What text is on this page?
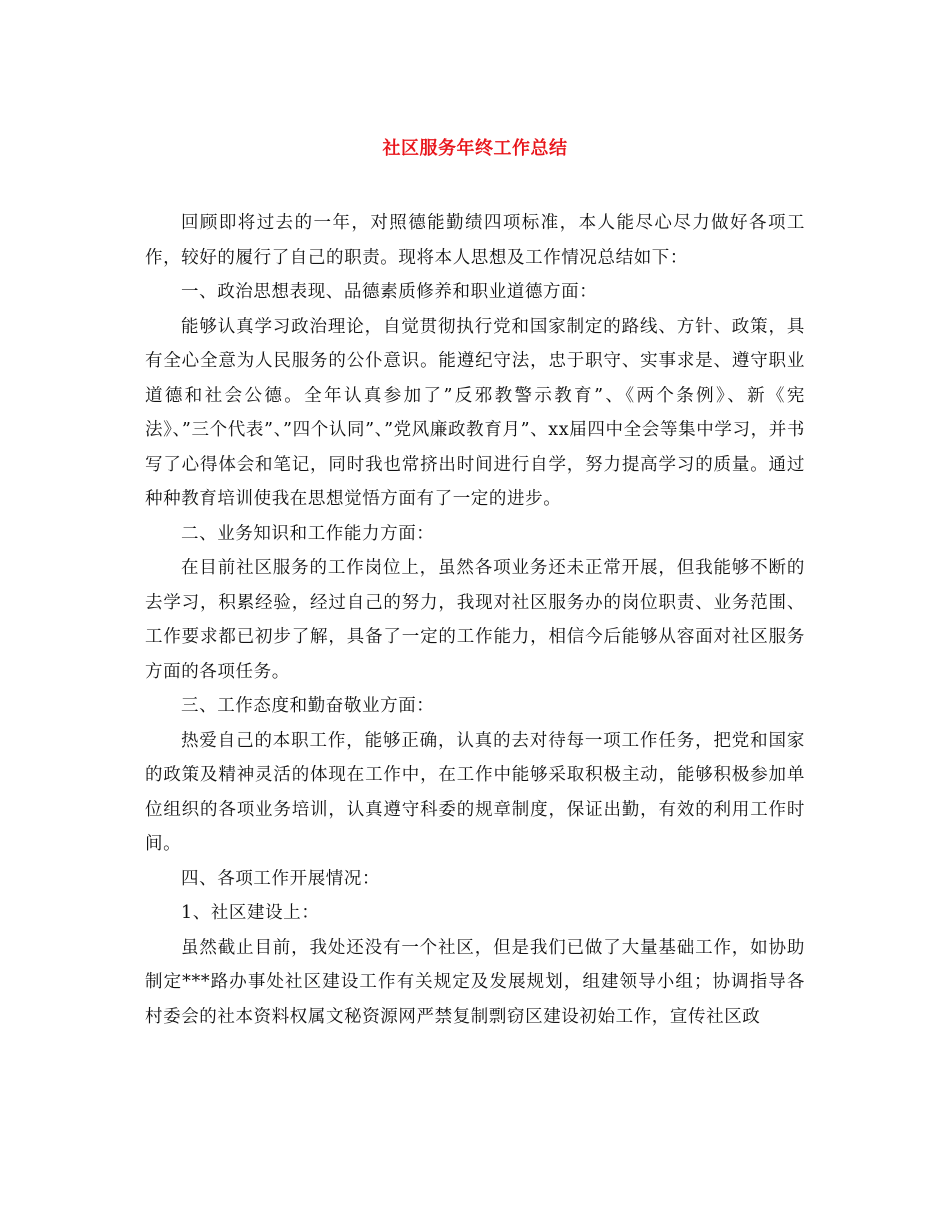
社区服务年终工作总结

回顾即将过去的一年，对照德能勤绩四项标准，本人能尽心尽力做好各项工作，较好的履行了自己的职责。现将本人思想及工作情况总结如下：

一、政治思想表现、品德素质修养和职业道德方面：

能够认真学习政治理论，自觉贯彻执行党和国家制定的路线、方针、政策，具有全心全意为人民服务的公仆意识。能遵纪守法，忠于职守、实事求是、遵守职业道德和社会公德。全年认真参加了”反邪教警示教育”、《两个条例》、新《宪法》、”三个代表”、”四个认同”、”党风廉政教育月”、xx届四中全会等集中学习，并书写了心得体会和笔记，同时我也常挤出时间进行自学，努力提高学习的质量。通过种种教育培训使我在思想觉悟方面有了一定的进步。

二、业务知识和工作能力方面：

在目前社区服务的工作岗位上，虽然各项业务还未正常开展，但我能够不断的去学习，积累经验，经过自己的努力，我现对社区服务办的岗位职责、业务范围、工作要求都已初步了解，具备了一定的工作能力，相信今后能够从容面对社区服务方面的各项任务。

三、工作态度和勤奋敬业方面：

热爱自己的本职工作，能够正确，认真的去对待每一项工作任务，把党和国家的政策及精神灵活的体现在工作中，在工作中能够采取积极主动，能够积极参加单位组织的各项业务培训，认真遵守科委的规章制度，保证出勤，有效的利用工作时间。

四、各项工作开展情况：

1、社区建设上：

虽然截止目前，我处还没有一个社区，但是我们已做了大量基础工作，如协助制定***路办事处社区建设工作有关规定及发展规划，组建领导小组；协调指导各村委会的社本资料权属文秘资源网严禁复制剽窃区建设初始工作，宣传社区政
